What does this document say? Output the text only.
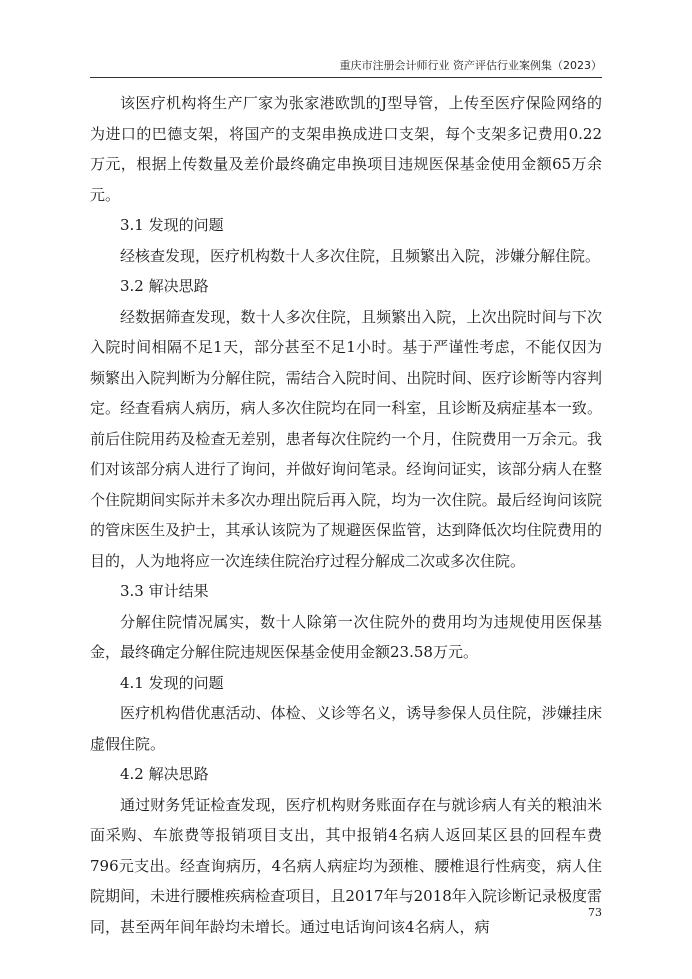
重庆市注册会计师行业 资产评估行业案例集（2023）

该医疗机构将生产厂家为张家港欧凯的J型导管，上传至医疗保险网络的为进口的巴德支架，将国产的支架串换成进口支架，每个支架多记费用0.22万元，根据上传数量及差价最终确定串换项目违规医保基金使用金额65万余元。

3.1 发现的问题

经核查发现，医疗机构数十人多次住院，且频繁出入院，涉嫌分解住院。

3.2 解决思路

经数据筛查发现，数十人多次住院，且频繁出入院，上次出院时间与下次入院时间相隔不足1天，部分甚至不足1小时。基于严谨性考虑，不能仅因为频繁出入院判断为分解住院，需结合入院时间、出院时间、医疗诊断等内容判定。经查看病人病历，病人多次住院均在同一科室，且诊断及病症基本一致。前后住院用药及检查无差别，患者每次住院约一个月，住院费用一万余元。我们对该部分病人进行了询问，并做好询问笔录。经询问证实，该部分病人在整个住院期间实际并未多次办理出院后再入院，均为一次住院。最后经询问该院的管床医生及护士，其承认该院为了规避医保监管，达到降低次均住院费用的目的，人为地将应一次连续住院治疗过程分解成二次或多次住院。

3.3 审计结果

分解住院情况属实，数十人除第一次住院外的费用均为违规使用医保基金，最终确定分解住院违规医保基金使用金额23.58万元。

4.1 发现的问题

医疗机构借优惠活动、体检、义诊等名义，诱导参保人员住院，涉嫌挂床虚假住院。

4.2 解决思路

通过财务凭证检查发现，医疗机构财务账面存在与就诊病人有关的粮油米面采购、车旅费等报销项目支出，其中报销4名病人返回某区县的回程车费796元支出。经查询病历，4名病人病症均为颈椎、腰椎退行性病变，病人住院期间，未进行腰椎疾病检查项目，且2017年与2018年入院诊断记录极度雷同，甚至两年间年龄均未增长。通过电话询问该4名病人，病

73
